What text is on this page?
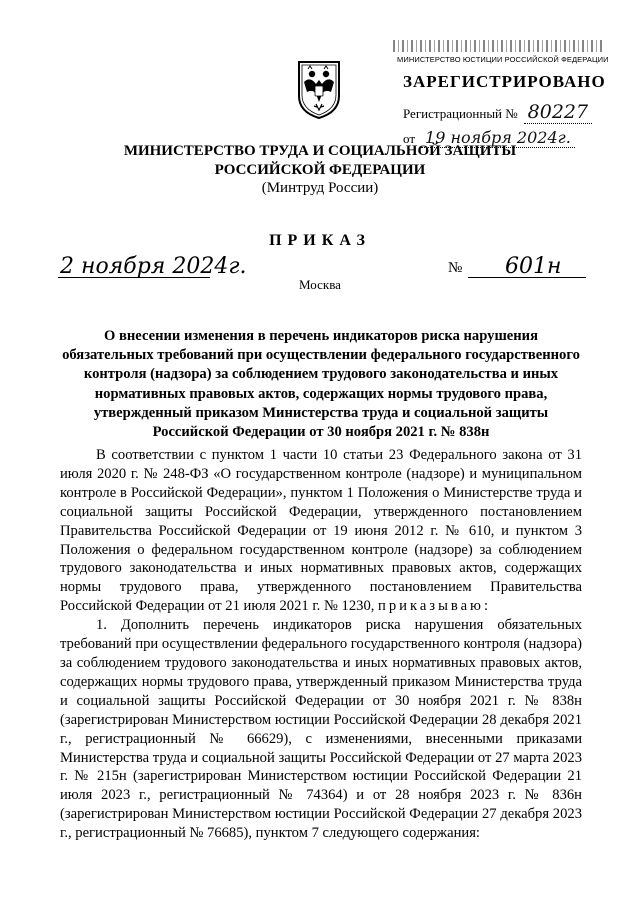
МИНИСТЕРСТВО ЮСТИЦИИ РОССИЙСКОЙ ФЕДЕРАЦИИ
ЗАРЕГИСТРИРОВАНО
Регистрационный № 80227
от 19 ноября 2024г.
МИНИСТЕРСТВО ТРУДА И СОЦИАЛЬНОЙ ЗАЩИТЫ
РОССИЙСКОЙ ФЕДЕРАЦИИ
(Минтруд России)
ПРИКАЗ
2 ноября 2024г.	№ 601н
Москва
О внесении изменения в перечень индикаторов риска нарушения обязательных требований при осуществлении федерального государственного контроля (надзора) за соблюдением трудового законодательства и иных нормативных правовых актов, содержащих нормы трудового права, утвержденный приказом Министерства труда и социальной защиты Российской Федерации от 30 ноября 2021 г. № 838н

В соответствии с пунктом 1 части 10 статьи 23 Федерального закона от 31 июля 2020 г. № 248-ФЗ «О государственном контроле (надзоре) и муниципальном контроле в Российской Федерации», пунктом 1 Положения о Министерстве труда и социальной защиты Российской Федерации, утвержденного постановлением Правительства Российской Федерации от 19 июня 2012 г. № 610, и пунктом 3 Положения о федеральном государственном контроле (надзоре) за соблюдением трудового законодательства и иных нормативных правовых актов, содержащих нормы трудового права, утвержденного постановлением Правительства Российской Федерации от 21 июля 2021 г. № 1230, приказываю:

1. Дополнить перечень индикаторов риска нарушения обязательных требований при осуществлении федерального государственного контроля (надзора) за соблюдением трудового законодательства и иных нормативных правовых актов, содержащих нормы трудового права, утвержденный приказом Министерства труда и социальной защиты Российской Федерации от 30 ноября 2021 г. № 838н (зарегистрирован Министерством юстиции Российской Федерации 28 декабря 2021 г., регистрационный № 66629), с изменениями, внесенными приказами Министерства труда и социальной защиты Российской Федерации от 27 марта 2023 г. № 215н (зарегистрирован Министерством юстиции Российской Федерации 21 июля 2023 г., регистрационный № 74364) и от 28 ноября 2023 г. № 836н (зарегистрирован Министерством юстиции Российской Федерации 27 декабря 2023 г., регистрационный № 76685), пунктом 7 следующего содержания:
